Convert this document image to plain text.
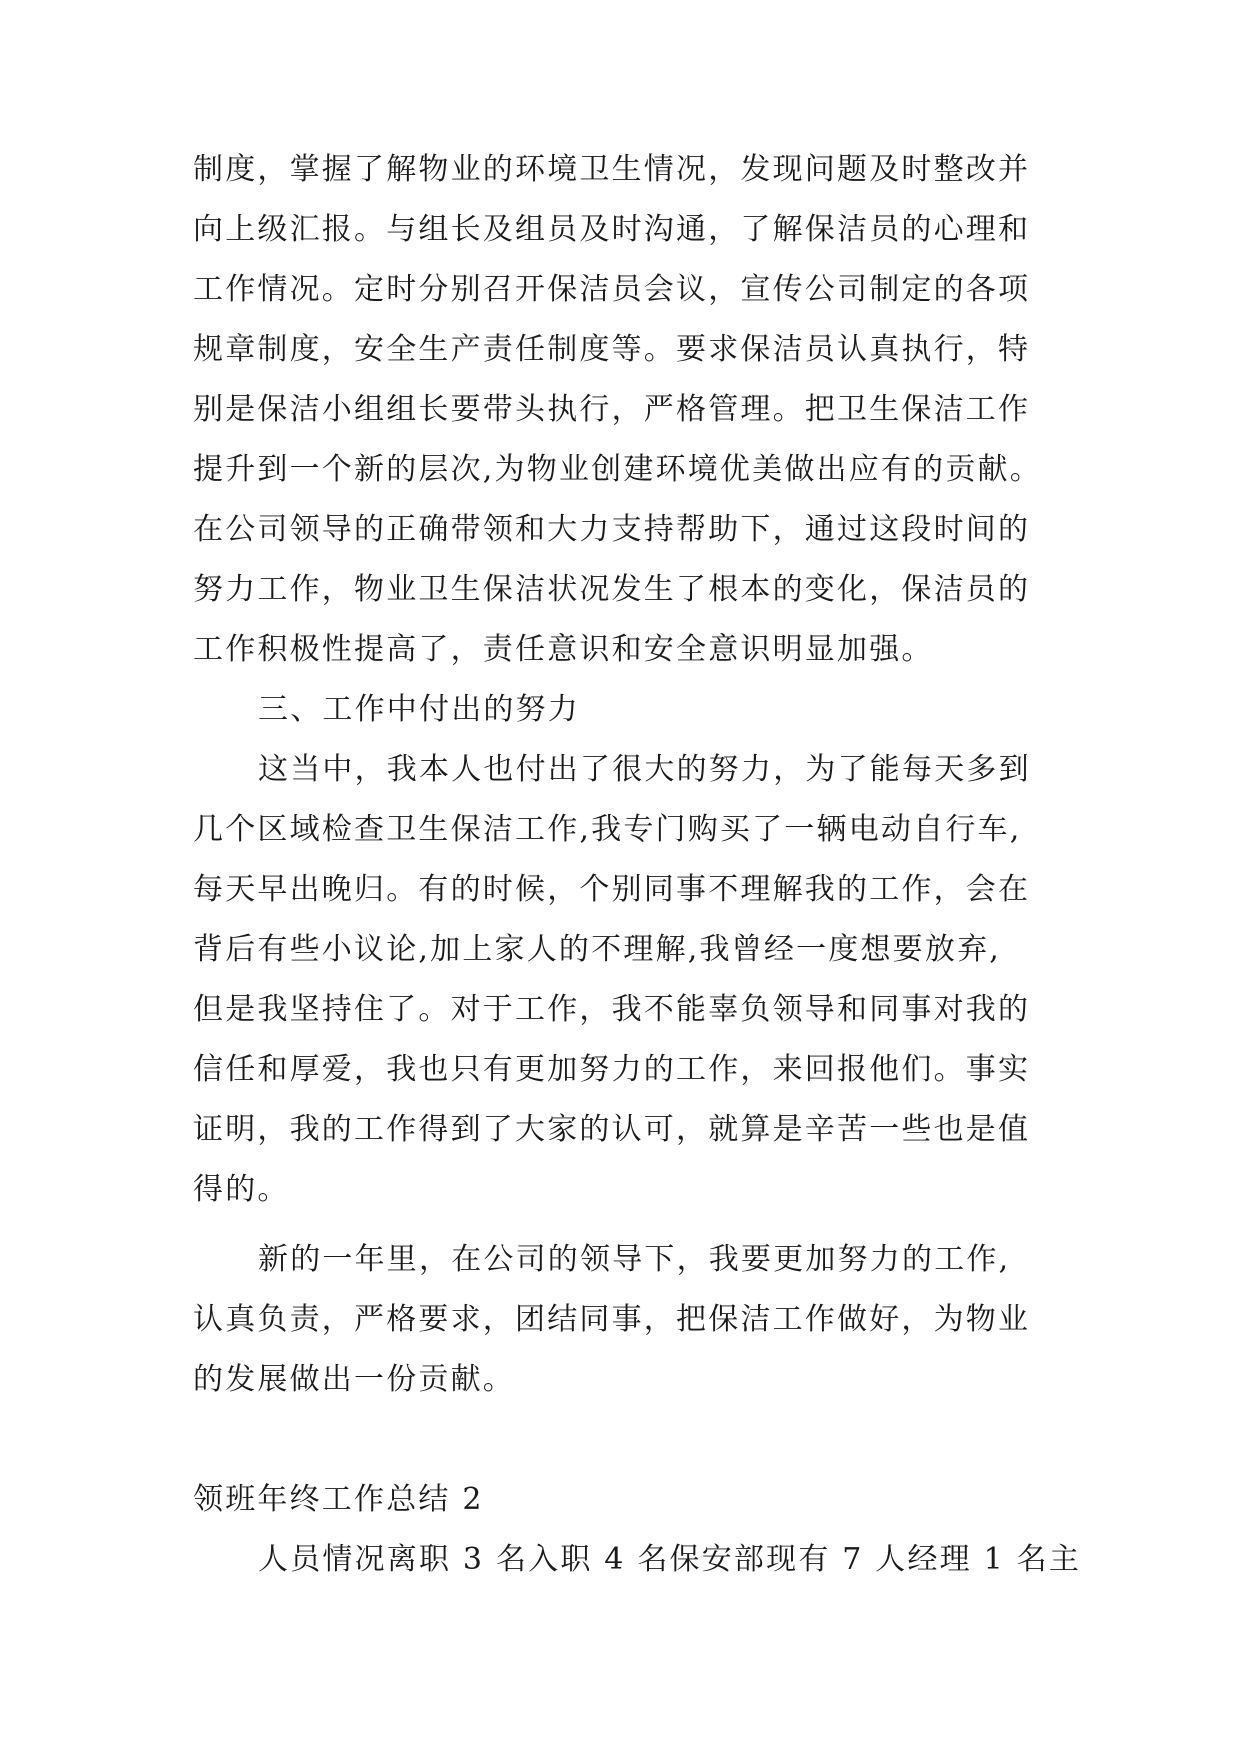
制度，掌握了解物业的环境卫生情况，发现问题及时整改并
向上级汇报。与组长及组员及时沟通，了解保洁员的心理和
工作情况。定时分别召开保洁员会议，宣传公司制定的各项
规章制度，安全生产责任制度等。要求保洁员认真执行，特
别是保洁小组组长要带头执行，严格管理。把卫生保洁工作
提升到一个新的层次,为物业创建环境优美做出应有的贡献。
在公司领导的正确带领和大力支持帮助下，通过这段时间的
努力工作，物业卫生保洁状况发生了根本的变化，保洁员的
工作积极性提高了，责任意识和安全意识明显加强。
三、工作中付出的努力
这当中，我本人也付出了很大的努力，为了能每天多到
几个区域检查卫生保洁工作,我专门购买了一辆电动自行车,
每天早出晚归。有的时候，个别同事不理解我的工作，会在
背后有些小议论,加上家人的不理解,我曾经一度想要放弃,
但是我坚持住了。对于工作，我不能辜负领导和同事对我的
信任和厚爱，我也只有更加努力的工作，来回报他们。事实
证明，我的工作得到了大家的认可，就算是辛苦一些也是值
得的。
新的一年里，在公司的领导下，我要更加努力的工作,
认真负责，严格要求，团结同事，把保洁工作做好，为物业
的发展做出一份贡献。
领班年终工作总结 2
人员情况离职 3 名入职 4 名保安部现有 7 人经理 1 名主
